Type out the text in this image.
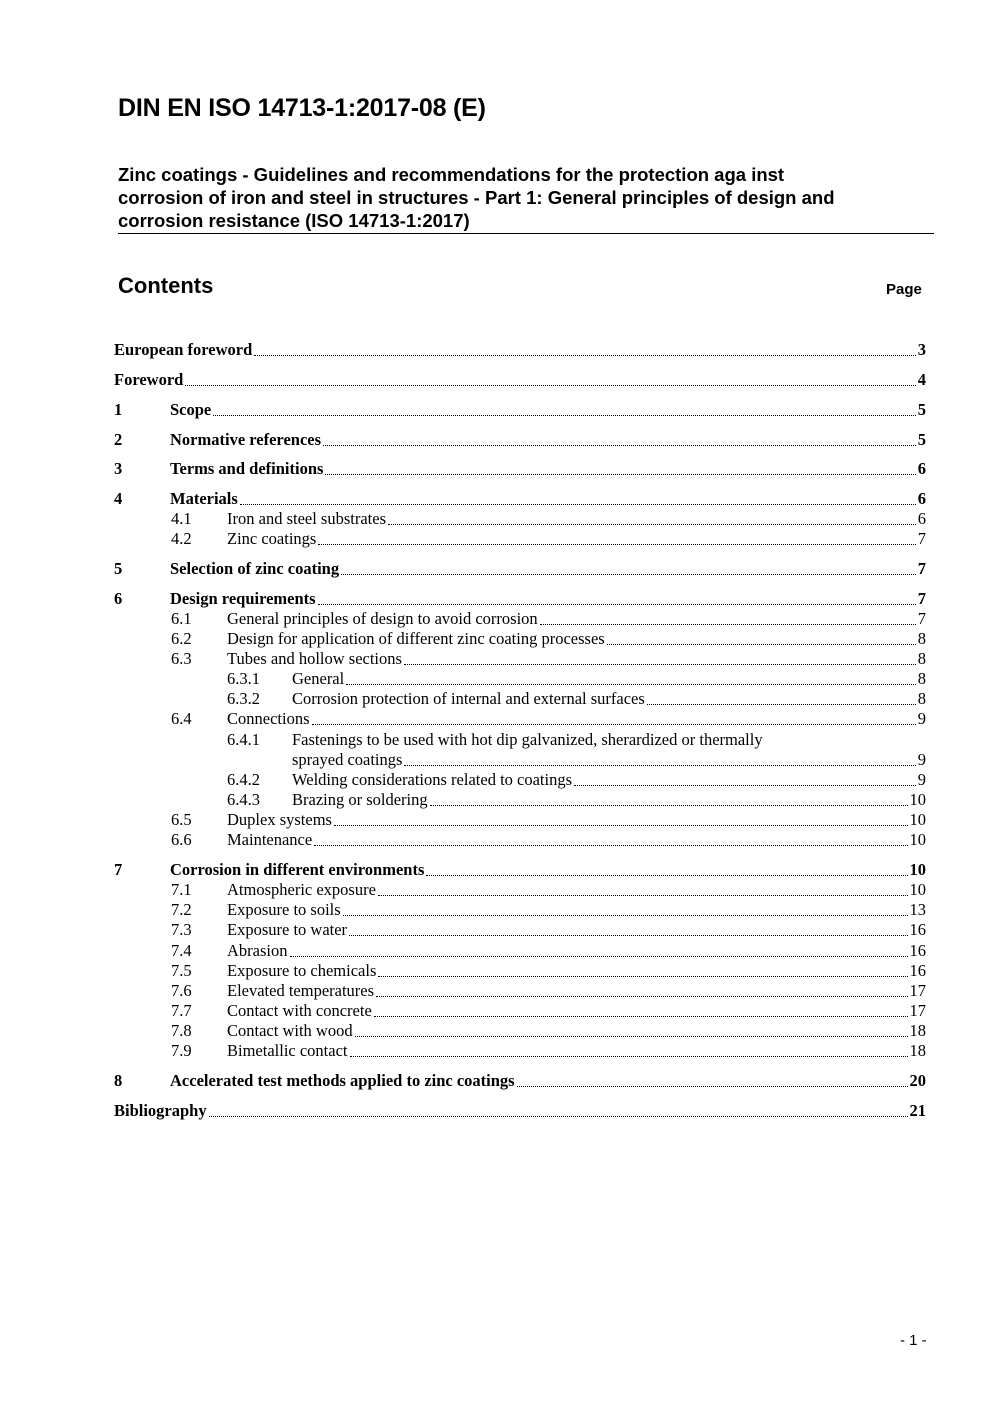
DIN EN ISO 14713-1:2017-08 (E)
Zinc coatings - Guidelines and recommendations for the protection aga inst
corrosion of iron and steel in structures - Part 1: General principles of design and
corrosion resistance (ISO 14713-1:2017)
Contents	Page
European foreword	3
Foreword	4
1	Scope	5
2	Normative references	5
3	Terms and definitions	6
4	Materials	6
4.1	Iron and steel substrates	6
4.2	Zinc coatings	7
5	Selection of zinc coating	7
6	Design requirements	7
6.1	General principles of design to avoid corrosion	7
6.2	Design for application of different zinc coating processes	8
6.3	Tubes and hollow sections	8
6.3.1	General	8
6.3.2	Corrosion protection of internal and external surfaces	8
6.4	Connections	9
6.4.1	Fastenings to be used with hot dip galvanized, sherardized or thermally
sprayed coatings	9
6.4.2	Welding considerations related to coatings	9
6.4.3	Brazing or soldering	10
6.5	Duplex systems	10
6.6	Maintenance	10
7	Corrosion in different environments	10
7.1	Atmospheric exposure	10
7.2	Exposure to soils	13
7.3	Exposure to water	16
7.4	Abrasion	16
7.5	Exposure to chemicals	16
7.6	Elevated temperatures	17
7.7	Contact with concrete	17
7.8	Contact with wood	18
7.9	Bimetallic contact	18
8	Accelerated test methods applied to zinc coatings	20
Bibliography	21
- 1 -
